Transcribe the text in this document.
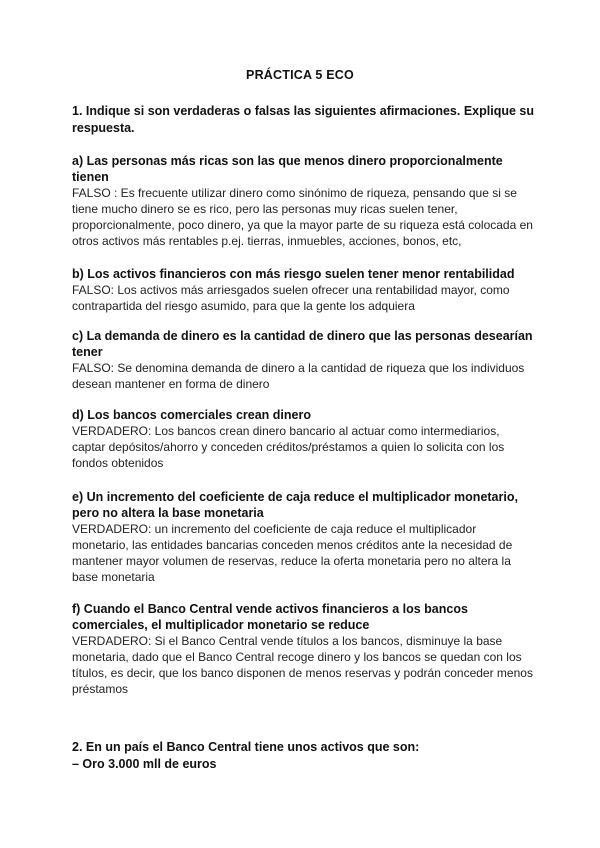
PRÁCTICA 5 ECO
1. Indique si son verdaderas o falsas las siguientes afirmaciones. Explique su respuesta.
a) Las personas más ricas son las que menos dinero proporcionalmente tienen
FALSO : Es frecuente utilizar dinero como sinónimo de riqueza, pensando que si se tiene mucho dinero se es rico, pero las personas muy ricas suelen tener, proporcionalmente, poco dinero, ya que la mayor parte de su riqueza está colocada en otros activos más rentables p.ej. tierras, inmuebles, acciones, bonos, etc,
b) Los activos financieros con más riesgo suelen tener menor rentabilidad
FALSO: Los activos más arriesgados suelen ofrecer una rentabilidad mayor, como contrapartida del riesgo asumido, para que la gente los adquiera
c) La demanda de dinero es la cantidad de dinero que las personas desearían tener
FALSO: Se denomina demanda de dinero a la cantidad de riqueza que los individuos desean mantener en forma de dinero
d) Los bancos comerciales crean dinero
VERDADERO: Los bancos crean dinero bancario al actuar como intermediarios, captar depósitos/ahorro y conceden créditos/préstamos a quien lo solicita con los fondos obtenidos
e) Un incremento del coeficiente de caja reduce el multiplicador monetario, pero no altera la base monetaria
VERDADERO: un incremento del coeficiente de caja reduce el multiplicador monetario, las entidades bancarias conceden menos créditos ante la necesidad de mantener mayor volumen de reservas, reduce la oferta monetaria pero no altera la base monetaria
f) Cuando el Banco Central vende activos financieros a los bancos comerciales, el multiplicador monetario se reduce
VERDADERO: Si el Banco Central vende títulos a los bancos, disminuye la base monetaria, dado que el Banco Central recoge dinero y los bancos se quedan con los títulos, es decir, que los banco disponen de menos reservas y podrán conceder menos préstamos
2. En un país el Banco Central tiene unos activos que son:
– Oro 3.000 mll de euros
